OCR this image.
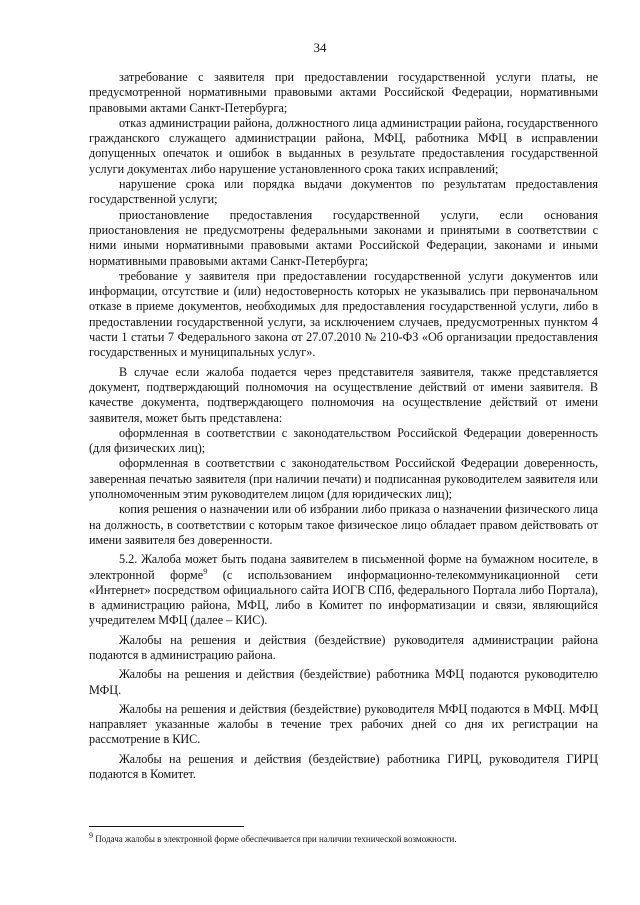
34

затребование с заявителя при предоставлении государственной услуги платы, не предусмотренной нормативными правовыми актами Российской Федерации, нормативными правовыми актами Санкт-Петербурга;

отказ администрации района, должностного лица администрации района, государственного гражданского служащего администрации района, МФЦ, работника МФЦ в исправлении допущенных опечаток и ошибок в выданных в результате предоставления государственной услуги документах либо нарушение установленного срока таких исправлений;

нарушение срока или порядка выдачи документов по результатам предоставления государственной услуги;

приостановление предоставления государственной услуги, если основания приостановления не предусмотрены федеральными законами и принятыми в соответствии с ними иными нормативными правовыми актами Российской Федерации, законами и иными нормативными правовыми актами Санкт-Петербурга;

требование у заявителя при предоставлении государственной услуги документов или информации, отсутствие и (или) недостоверность которых не указывались при первоначальном отказе в приеме документов, необходимых для предоставления государственной услуги, либо в предоставлении государственной услуги, за исключением случаев, предусмотренных пунктом 4 части 1 статьи 7 Федерального закона от 27.07.2010 № 210-ФЗ «Об организации предоставления государственных и муниципальных услуг».

В случае если жалоба подается через представителя заявителя, также представляется документ, подтверждающий полномочия на осуществление действий от имени заявителя. В качестве документа, подтверждающего полномочия на осуществление действий от имени заявителя, может быть представлена:

оформленная в соответствии с законодательством Российской Федерации доверенность (для физических лиц);

оформленная в соответствии с законодательством Российской Федерации доверенность, заверенная печатью заявителя (при наличии печати) и подписанная руководителем заявителя или уполномоченным этим руководителем лицом (для юридических лиц);

копия решения о назначении или об избрании либо приказа о назначении физического лица на должность, в соответствии с которым такое физическое лицо обладает правом действовать от имени заявителя без доверенности.

5.2. Жалоба может быть подана заявителем в письменной форме на бумажном носителе, в электронной форме$^9$ (с использованием информационно-телекоммуникационной сети «Интернет» посредством официального сайта ИОГВ СПб, федерального Портала либо Портала), в администрацию района, МФЦ, либо в Комитет по информатизации и связи, являющийся учредителем МФЦ (далее – КИС).

Жалобы на решения и действия (бездействие) руководителя администрации района подаются в администрацию района.

Жалобы на решения и действия (бездействие) работника МФЦ подаются руководителю МФЦ.

Жалобы на решения и действия (бездействие) руководителя МФЦ подаются в МФЦ. МФЦ направляет указанные жалобы в течение трех рабочих дней со дня их регистрации на рассмотрение в КИС.

Жалобы на решения и действия (бездействие) работника ГИРЦ, руководителя ГИРЦ подаются в Комитет.

$^9$ Подача жалобы в электронной форме обеспечивается при наличии технической возможности.
